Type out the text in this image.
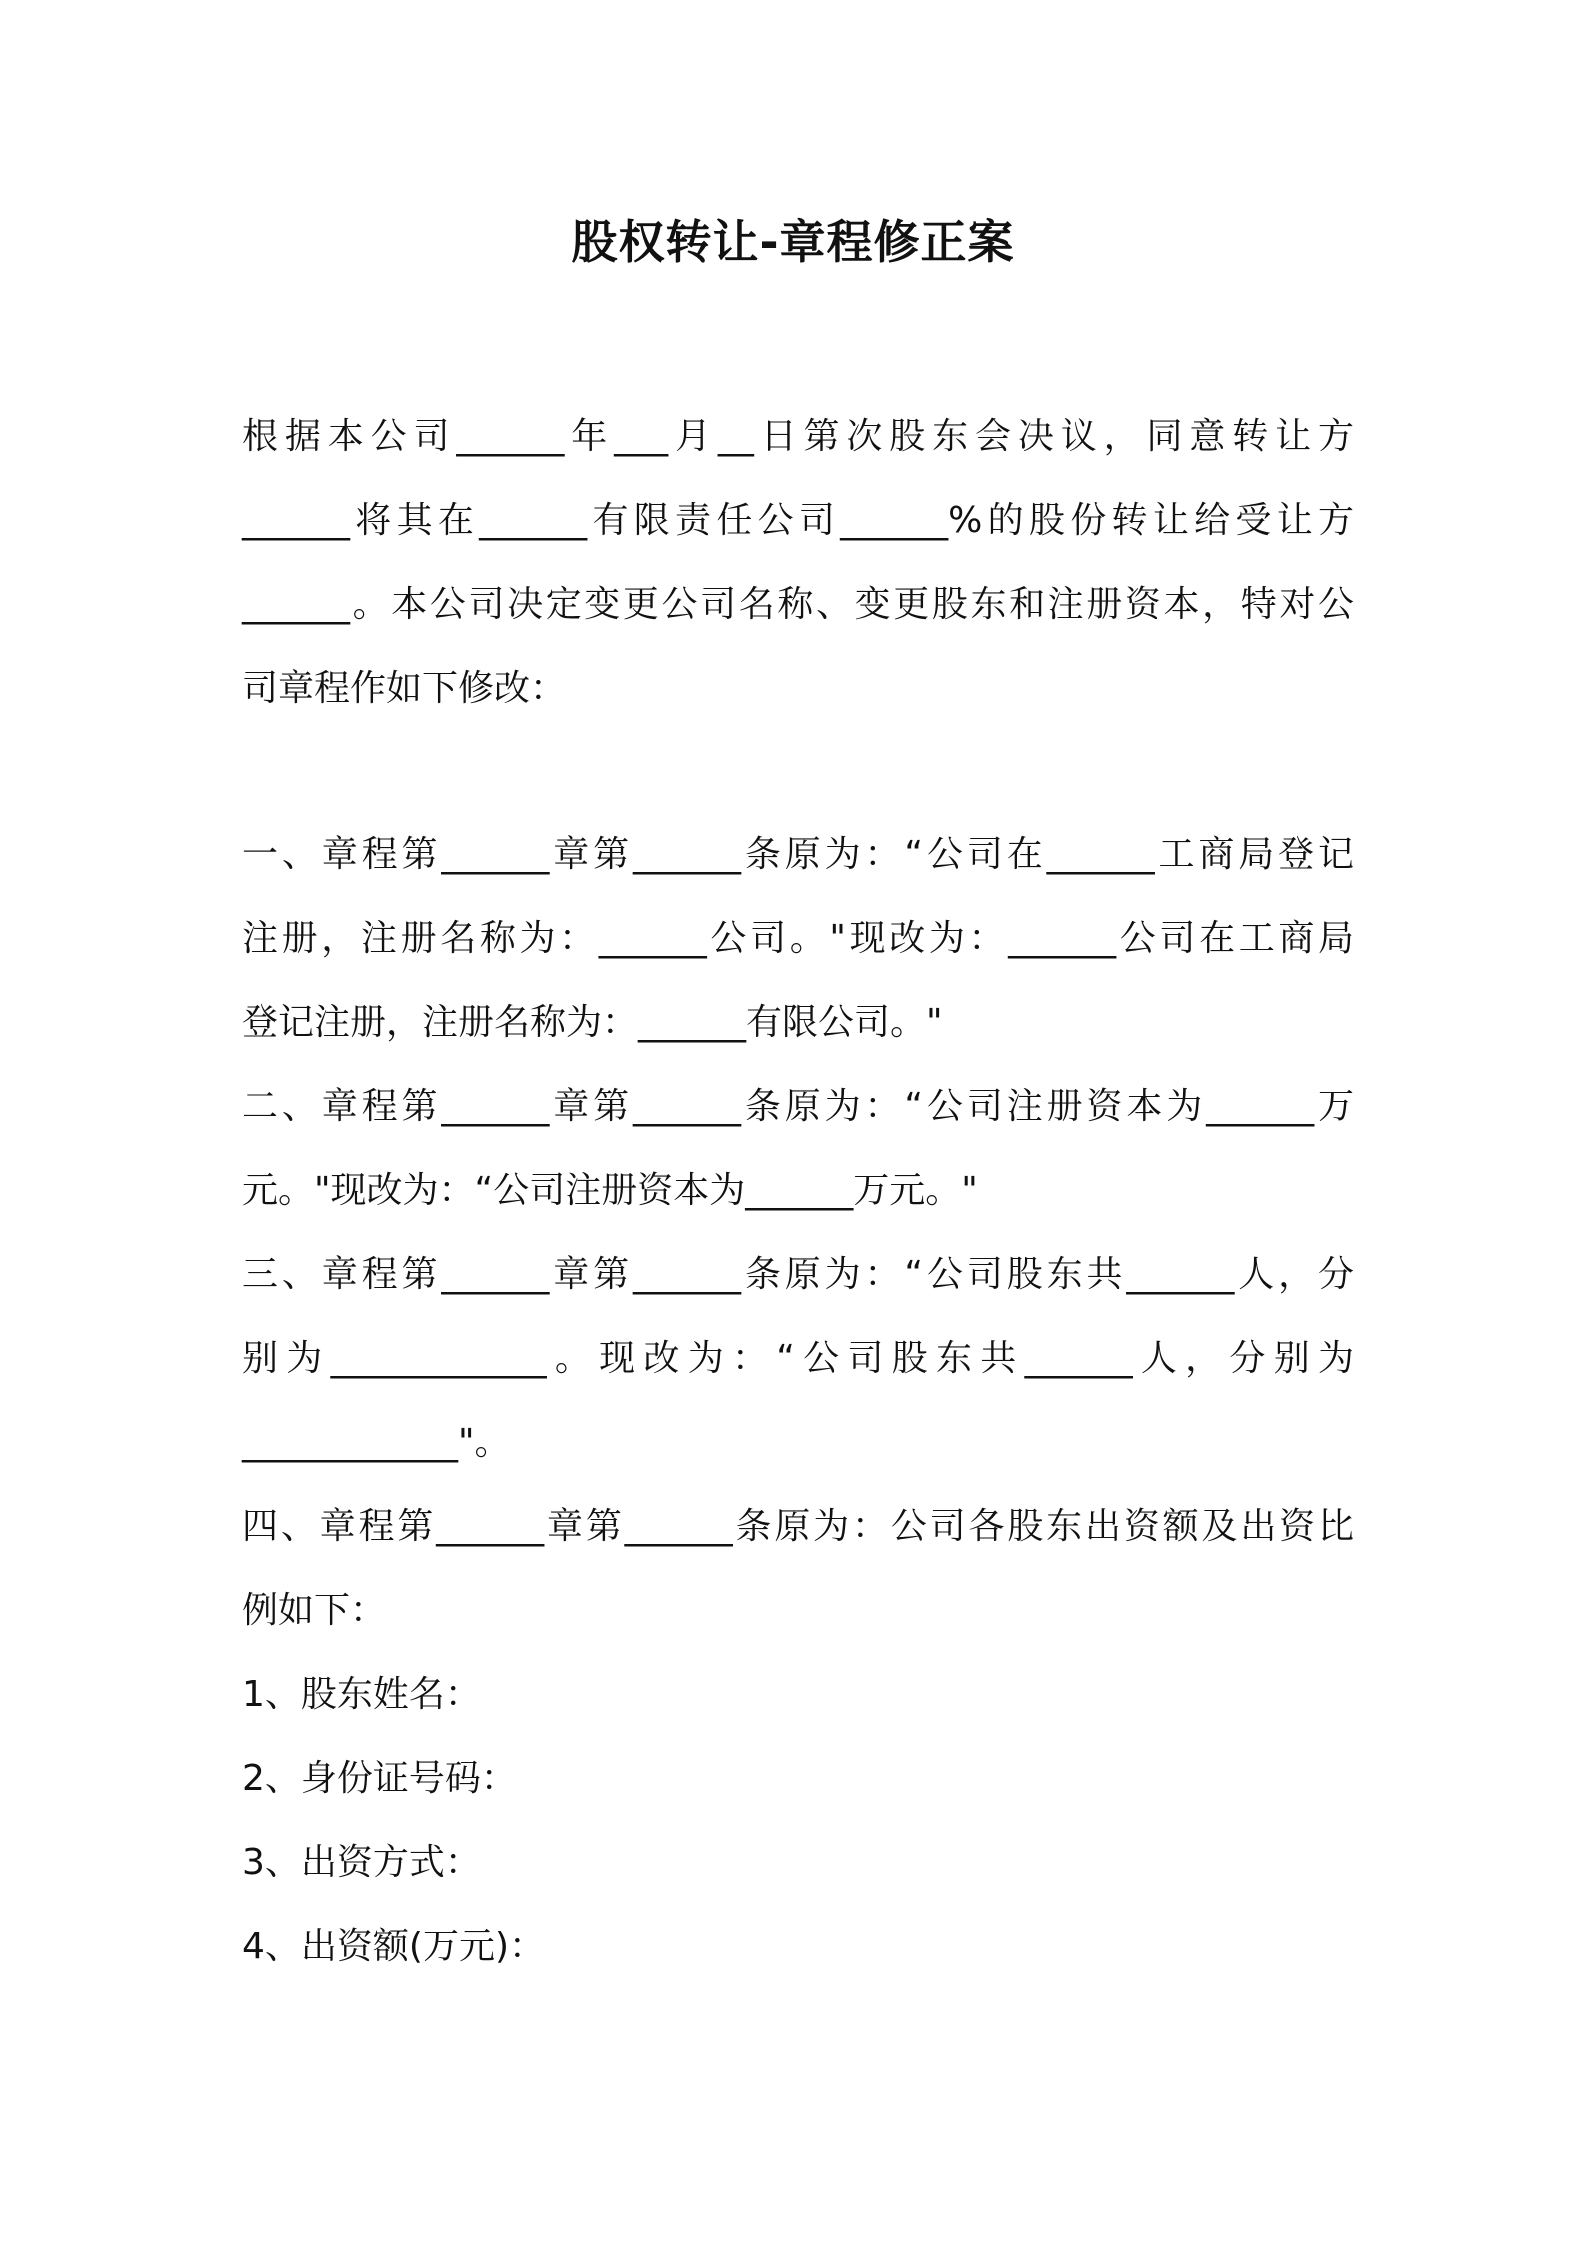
股权转让-章程修正案
根据本公司______年___月__日第次股东会决议，同意转让方
______将其在______有限责任公司______%的股份转让给受让方
______。本公司决定变更公司名称、变更股东和注册资本，特对公
司章程作如下修改：
一、章程第______章第______条原为：“公司在______工商局登记
注册，注册名称为：______公司。"现改为：______公司在工商局
登记注册，注册名称为：______有限公司。"
二、章程第______章第______条原为：“公司注册资本为______万
元。"现改为：“公司注册资本为______万元。"
三、章程第______章第______条原为：“公司股东共______人，分
别为____________。现改为：“公司股东共______人，分别为
____________"。
四、章程第______章第______条原为：公司各股东出资额及出资比
例如下：
1、股东姓名：
2、身份证号码：
3、出资方式：
4、出资额(万元)：
